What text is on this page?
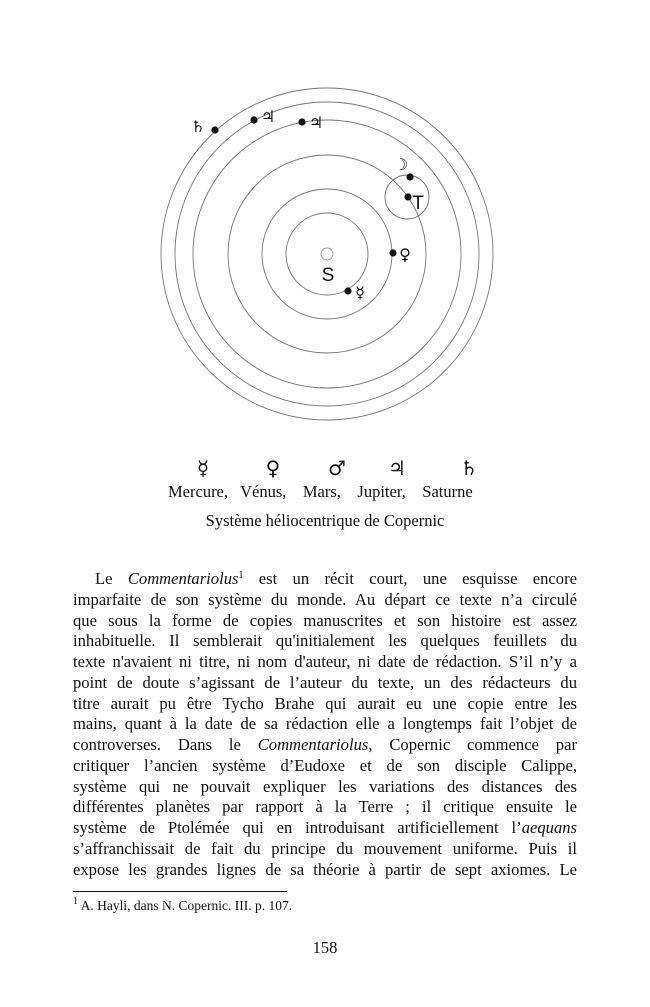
S
♄
♃ ♃
☽
T
♀
☿
☿	♀ ♂ ♃	♄
Mercure,   Vénus,    Mars,    Jupiter,    Saturne
Système héliocentrique de Copernic
Le Commentariolus$^1$ est un récit court, une esquisse encore
imparfaite de son système du monde. Au départ ce texte n’a circulé
que sous la forme de copies manuscrites et son histoire est assez
inhabituelle. Il semblerait qu'initialement les quelques feuillets du
texte n'avaient ni titre, ni nom d'auteur, ni date de rédaction. S’il n’y a
point de doute s’agissant de l’auteur du texte, un des rédacteurs du
titre aurait pu être Tycho Brahe qui aurait eu une copie entre les
mains, quant à la date de sa rédaction elle a longtemps fait l’objet de
controverses. Dans le Commentariolus, Copernic commence par
critiquer l’ancien système d’Eudoxe et de son disciple Calippe,
système qui ne pouvait expliquer les variations des distances des
différentes planètes par rapport à la Terre ; il critique ensuite le
système de Ptolémée qui en introduisant artificiellement l’aequans
s’affranchissait de fait du principe du mouvement uniforme. Puis il
expose les grandes lignes de sa théorie à partir de sept axiomes. Le
$^1$ A. Hayli, dans N. Copernic. III. p. 107.
158
